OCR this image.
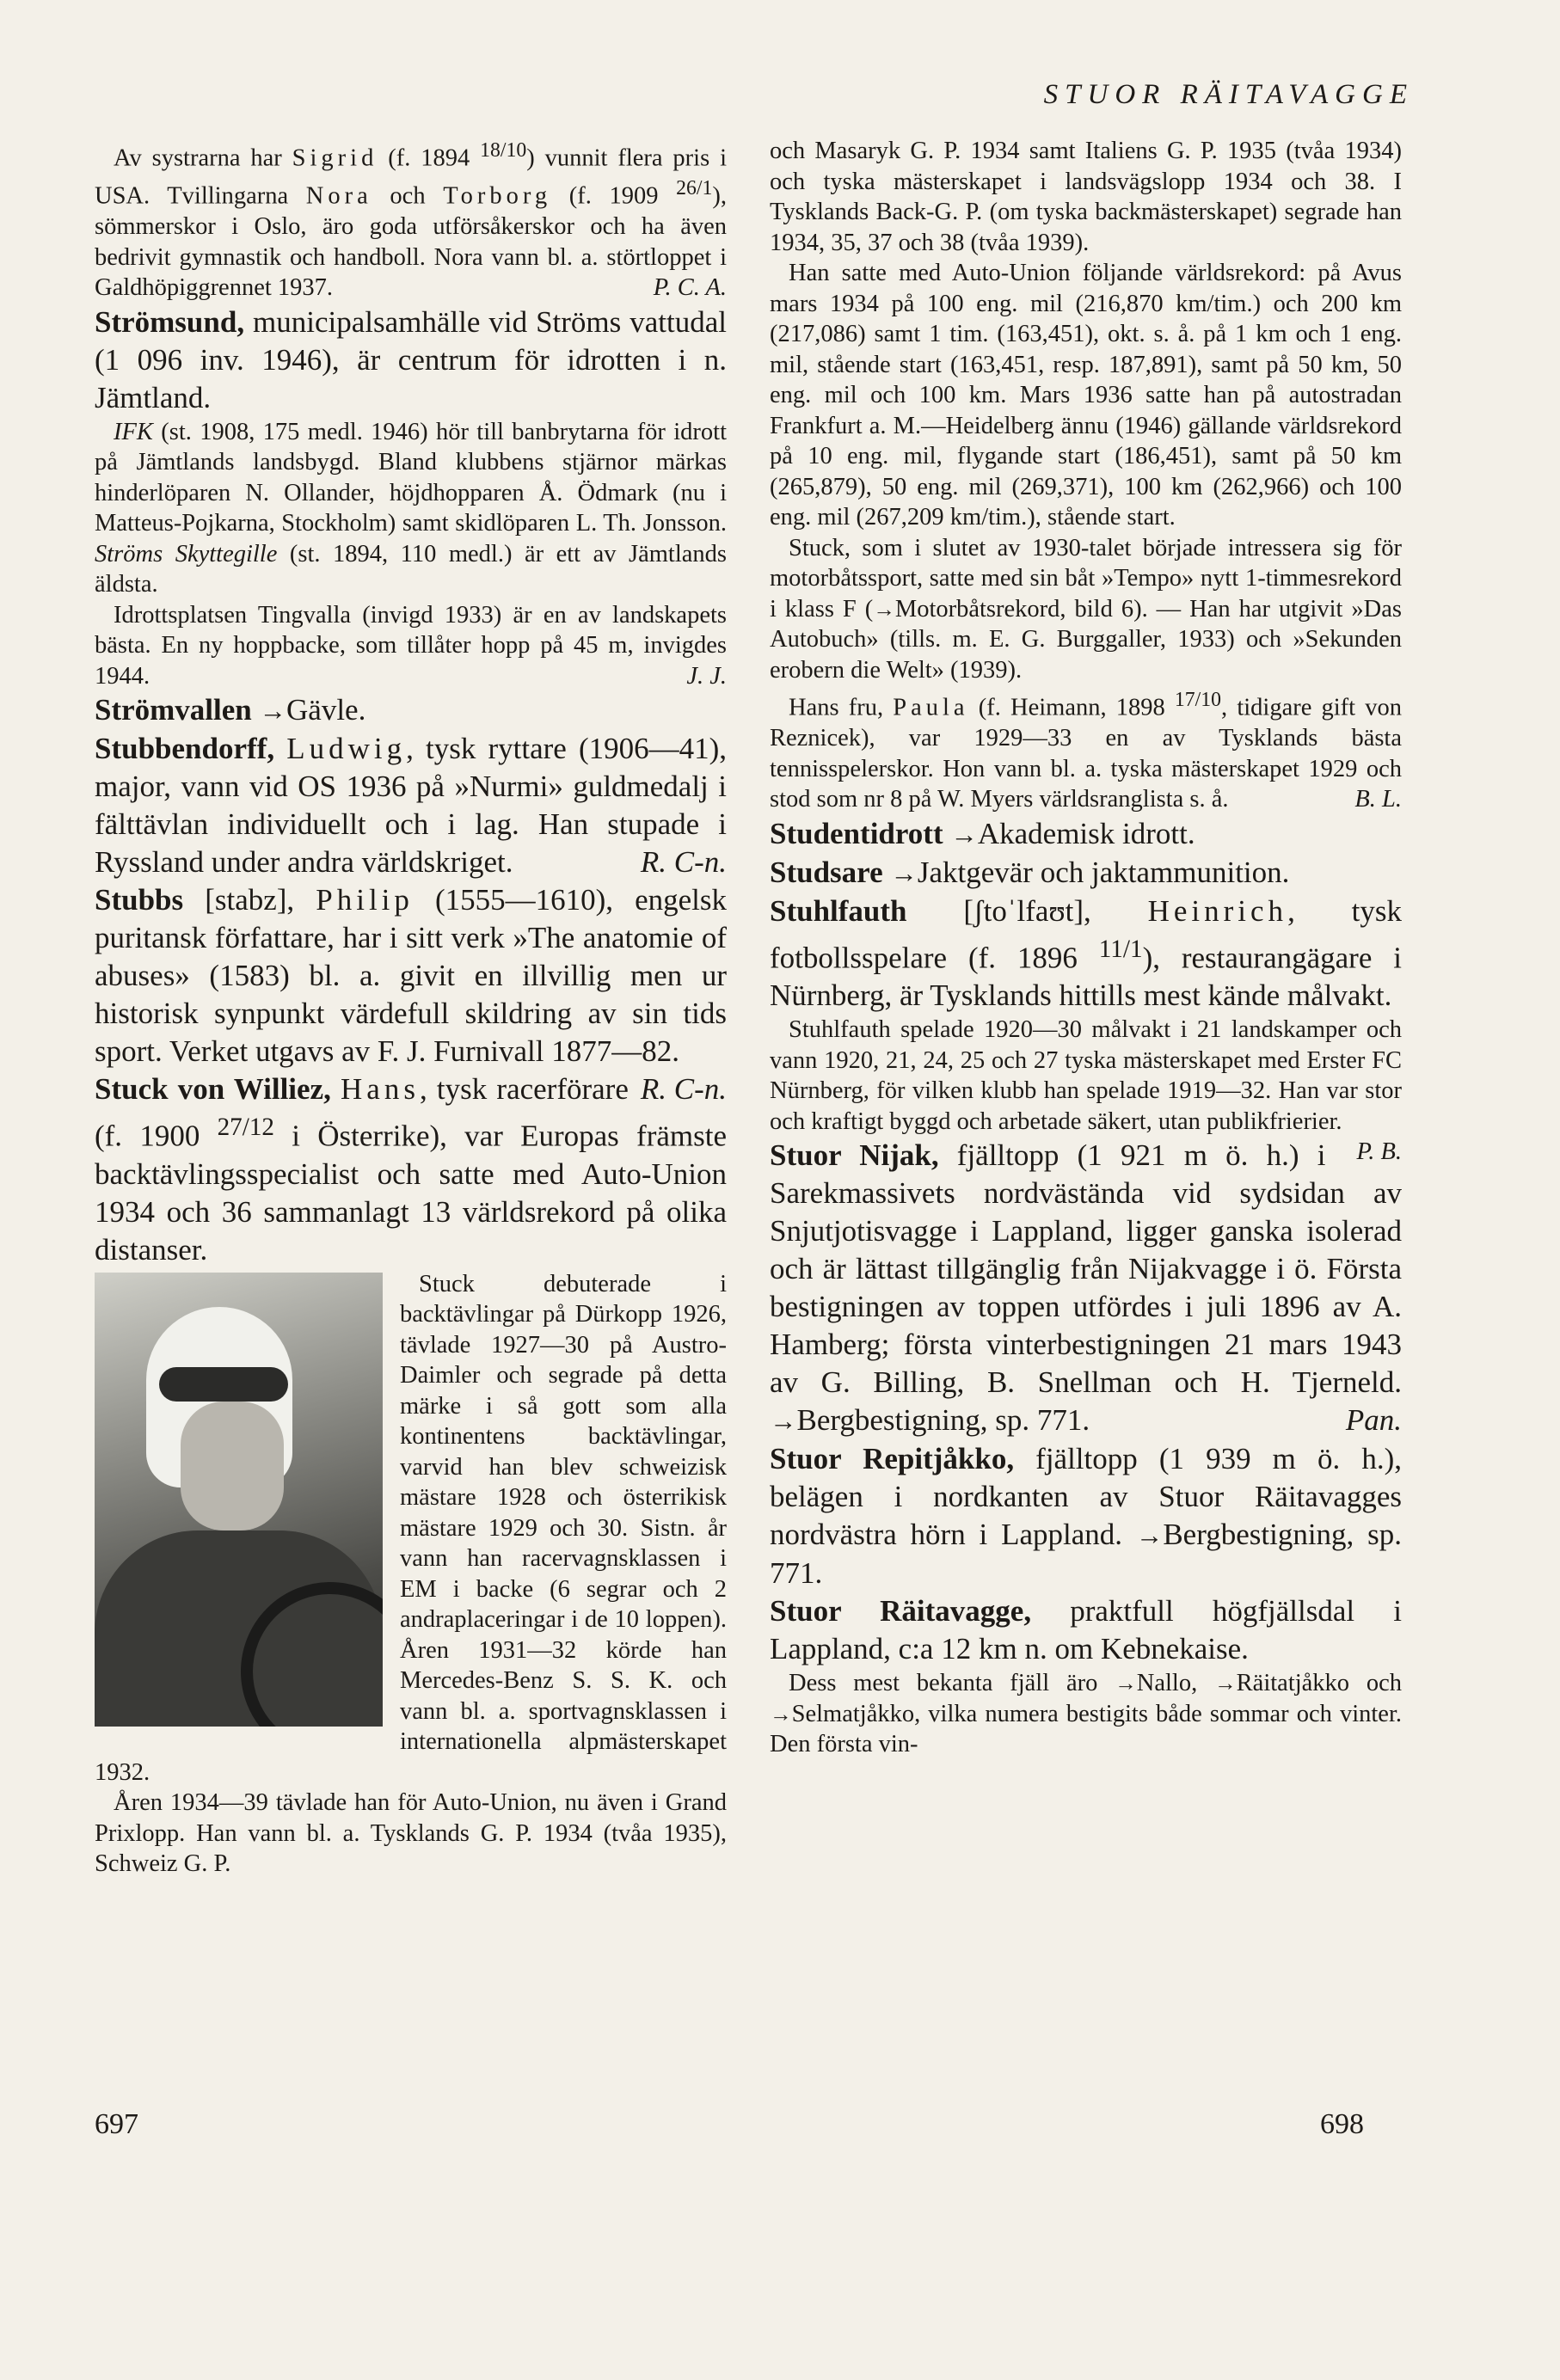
STUOR RÄITAVAGGE

Av systrarna har Sigrid (f. 1894 $^{18/10}$) vunnit flera pris i USA. Tvillingarna Nora och Torborg (f. 1909 $^{26/1}$), sömmerskor i Oslo, äro goda utförsåkerskor och ha även bedrivit gymnastik och handboll. Nora vann bl. a. störtloppet i Galdhöpiggrennet 1937.	P. C. A.

Strömsund, municipalsamhälle vid Ströms vattudal (1 096 inv. 1946), är centrum för idrotten i n. Jämtland.

IFK (st. 1908, 175 medl. 1946) hör till banbrytarna för idrott på Jämtlands landsbygd. Bland klubbens stjärnor märkas hinderlöparen N. Ollander, höjdhopparen Å. Ödmark (nu i Matteus-Pojkarna, Stockholm) samt skidlöparen L. Th. Jonsson. Ströms Skyttegille (st. 1894, 110 medl.) är ett av Jämtlands äldsta.

Idrottsplatsen Tingvalla (invigd 1933) är en av landskapets bästa. En ny hoppbacke, som tillåter hopp på 45 m, invigdes 1944.	J. J.

Strömvallen →Gävle.

Stubbendorff, Ludwig, tysk ryttare (1906—41), major, vann vid OS 1936 på »Nurmi» guldmedalj i fälttävlan individuellt och i lag. Han stupade i Ryssland under andra världskriget.	R. C-n.

Stubbs [stabz], Philip (1555—1610), engelsk puritansk författare, har i sitt verk »The anatomie of abuses» (1583) bl. a. givit en illvillig men ur historisk synpunkt värdefull skildring av sin tids sport. Verket utgavs av F. J. Furnivall 1877—82.
R. C-n.

Stuck von Williez, Hans, tysk racerförare (f. 1900 $^{27/12}$ i Österrike), var Europas främste backtävlingsspecialist och satte med Auto-Union 1934 och 36 sammanlagt 13 världsrekord på olika distanser.

Stuck debuterade i backtävlingar på Dürkopp 1926, tävlade 1927—30 på Austro-Daimler och segrade på detta märke i så gott som alla kontinentens backtävlingar, varvid han blev schweizisk mästare 1928 och österrikisk mästare 1929 och 30. Sistn. år vann han racervagnsklassen i EM i backe (6 segrar och 2 andraplaceringar i de 10 loppen). Åren 1931—32 körde han Mercedes-Benz S. S. K. och vann bl. a. sportvagnsklassen i internationella alpmästerskapet 1932.

Åren 1934—39 tävlade han för Auto-Union, nu även i Grand Prixlopp. Han vann bl. a. Tysklands G. P. 1934 (tvåa 1935), Schweiz G. P.

och Masaryk G. P. 1934 samt Italiens G. P. 1935 (tvåa 1934) och tyska mästerskapet i landsvägslopp 1934 och 38. I Tysklands Back-G. P. (om tyska backmästerskapet) segrade han 1934, 35, 37 och 38 (tvåa 1939).

Han satte med Auto-Union följande världsrekord: på Avus mars 1934 på 100 eng. mil (216,870 km/tim.) och 200 km (217,086) samt 1 tim. (163,451), okt. s. å. på 1 km och 1 eng. mil, stående start (163,451, resp. 187,891), samt på 50 km, 50 eng. mil och 100 km. Mars 1936 satte han på autostradan Frankfurt a. M.—Heidelberg ännu (1946) gällande världsrekord på 10 eng. mil, flygande start (186,451), samt på 50 km (265,879), 50 eng. mil (269,371), 100 km (262,966) och 100 eng. mil (267,209 km/tim.), stående start.

Stuck, som i slutet av 1930-talet började intressera sig för motorbåtssport, satte med sin båt »Tempo» nytt 1-timmesrekord i klass F (→Motorbåtsrekord, bild 6). — Han har utgivit »Das Autobuch» (tills. m. E. G. Burggaller, 1933) och »Sekunden erobern die Welt» (1939).

Hans fru, Paula (f. Heimann, 1898 $^{17/10}$, tidigare gift von Reznicek), var 1929—33 en av Tysklands bästa tennisspelerskor. Hon vann bl. a. tyska mästerskapet 1929 och stod som nr 8 på W. Myers världsranglista s. å.	B. L.

Studentidrott →Akademisk idrott.

Studsare →Jaktgevär och jaktammunition.

Stuhlfauth [ʃtoˈlfaʊt], Heinrich, tysk fotbollsspelare (f. 1896 $^{11/1}$), restaurangägare i Nürnberg, är Tysklands hittills mest kände målvakt.

Stuhlfauth spelade 1920—30 målvakt i 21 landskamper och vann 1920, 21, 24, 25 och 27 tyska mästerskapet med Erster FC Nürnberg, för vilken klubb han spelade 1919—32. Han var stor och kraftigt byggd och arbetade säkert, utan publikfrierier.
P. B.

Stuor Nijak, fjälltopp (1 921 m ö. h.) i Sarekmassivets nordvästända vid sydsidan av Snjutjotisvagge i Lappland, ligger ganska isolerad och är lättast tillgänglig från Nijakvagge i ö. Första bestigningen av toppen utfördes i juli 1896 av A. Hamberg; första vinterbestigningen 21 mars 1943 av G. Billing, B. Snellman och H. Tjerneld. →Bergbestigning, sp. 771.	Pan.

Stuor Repitjåkko, fjälltopp (1 939 m ö. h.), belägen i nordkanten av Stuor Räitavagges nordvästra hörn i Lappland. →Bergbestigning, sp. 771.

Stuor Räitavagge, praktfull högfjällsdal i Lappland, c:a 12 km n. om Kebnekaise.

Dess mest bekanta fjäll äro →Nallo, →Räitatjåkko och →Selmatjåkko, vilka numera bestigits både sommar och vinter. Den första vin-

697	698
